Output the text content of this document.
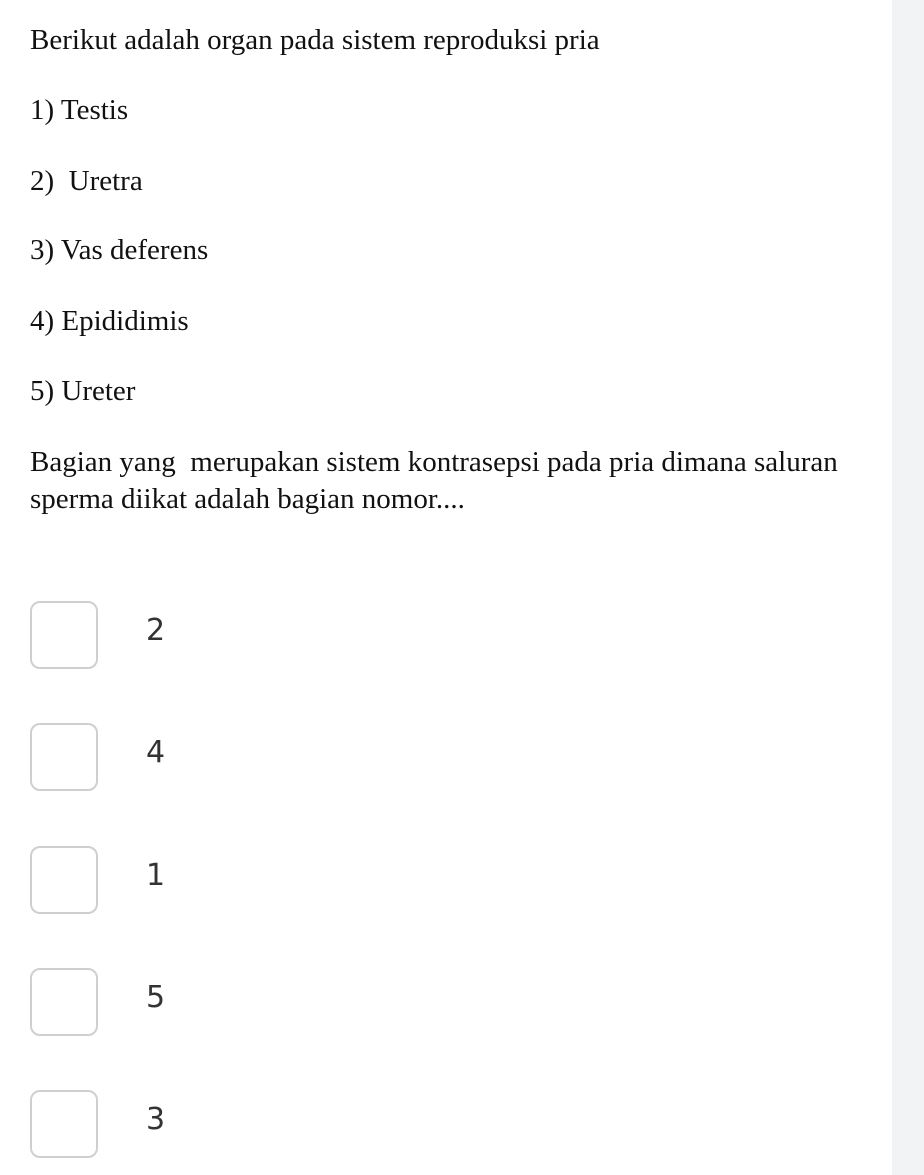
Berikut adalah organ pada sistem reproduksi pria
1) Testis
2)  Uretra
3) Vas deferens
4) Epididimis
5) Ureter
Bagian yang  merupakan sistem kontrasepsi pada pria dimana saluran sperma diikat adalah bagian nomor....
2
4
1
5
3
